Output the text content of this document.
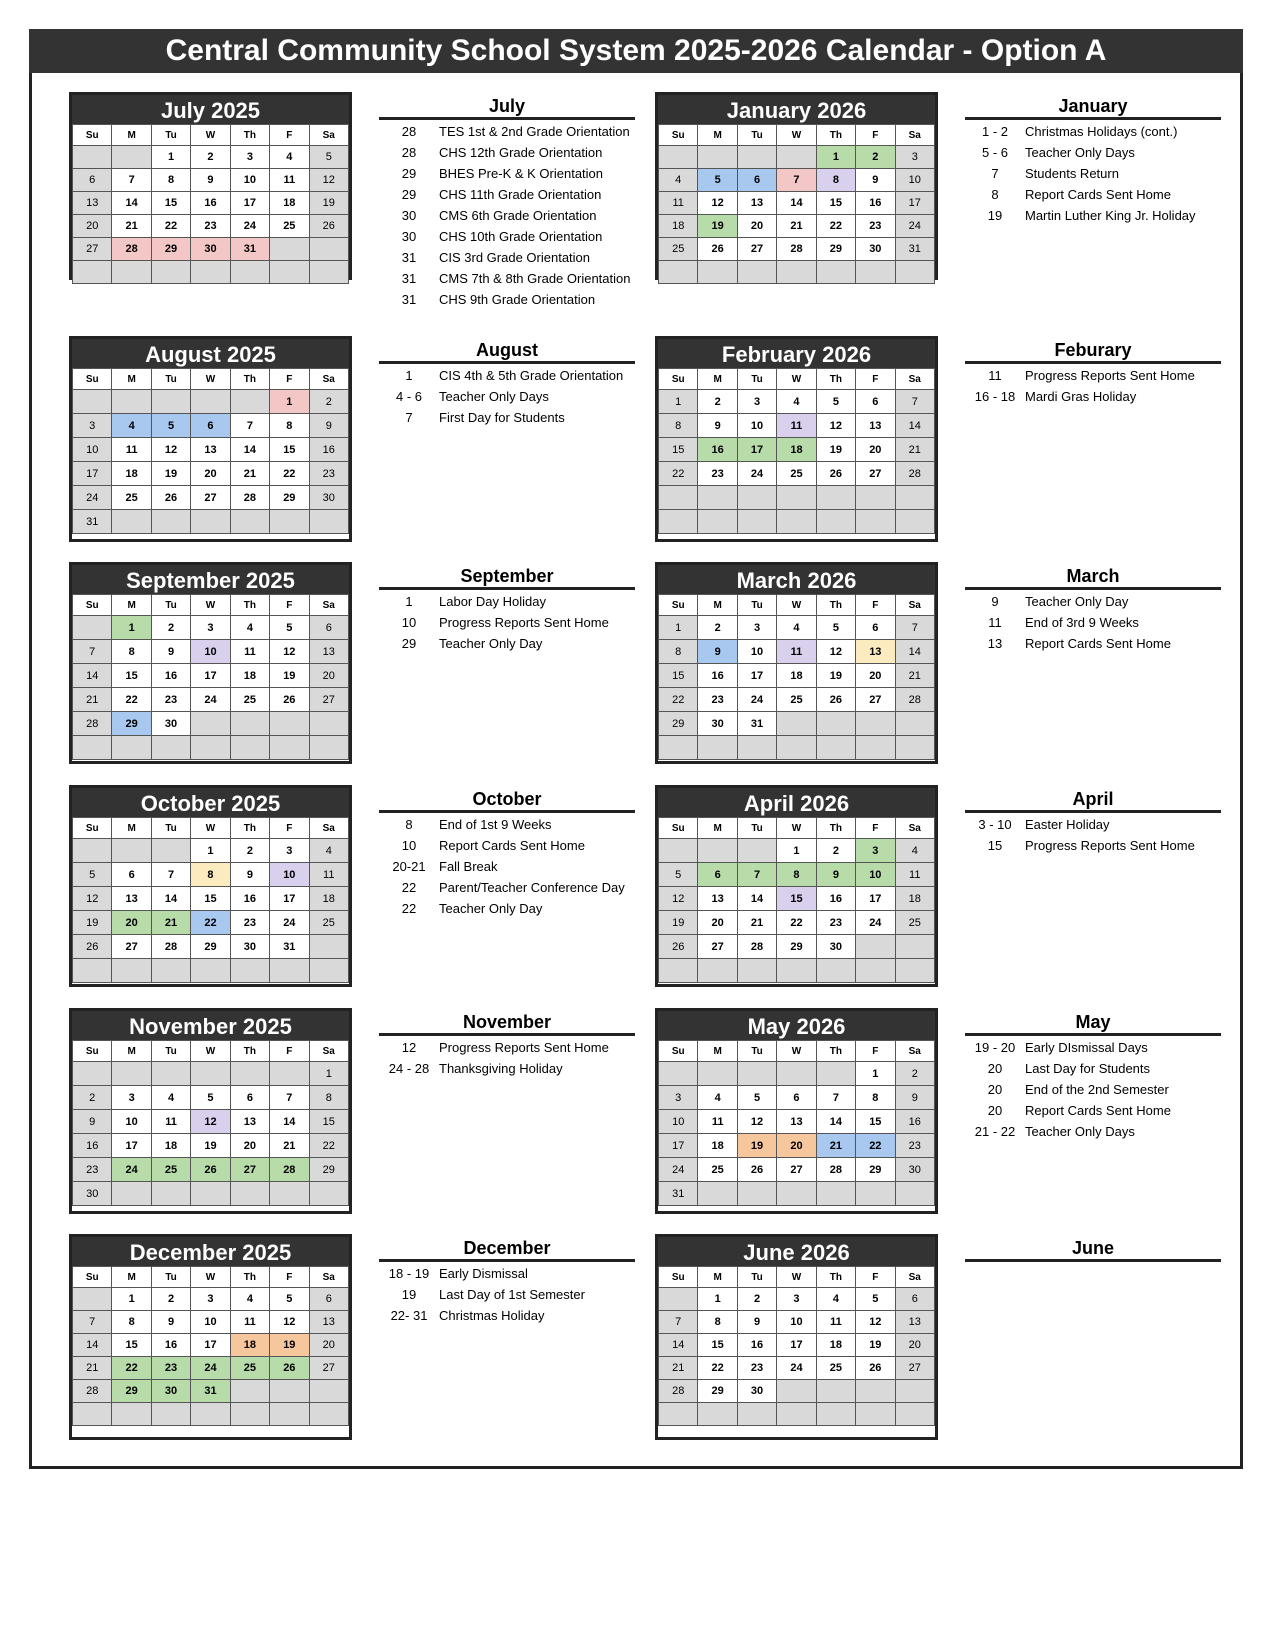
Central Community School System 2025-2026 Calendar - Option A
July 2025
Su	M	Tu	W	Th	F	Sa
		1	2	3	4	5
6	7	8	9	10	11	12
13	14	15	16	17	18	19
20	21	22	23	24	25	26
27	28	29	30	31		

July
28	TES 1st & 2nd Grade Orientation
28	CHS 12th Grade Orientation
29	BHES Pre-K & K Orientation
29	CHS 11th Grade Orientation
30	CMS 6th Grade Orientation
30	CHS 10th Grade Orientation
31	CIS 3rd Grade Orientation
31	CMS 7th & 8th Grade Orientation
31	CHS 9th Grade Orientation
August 2025
Su	M	Tu	W	Th	F	Sa
					1	2
3	4	5	6	7	8	9
10	11	12	13	14	15	16
17	18	19	20	21	22	23
24	25	26	27	28	29	30
31						
August
1	CIS 4th & 5th Grade Orientation
4 - 6	Teacher Only Days
7	First Day for Students
September 2025
Su	M	Tu	W	Th	F	Sa
	1	2	3	4	5	6
7	8	9	10	11	12	13
14	15	16	17	18	19	20
21	22	23	24	25	26	27
28	29	30				

September
1	Labor Day Holiday
10	Progress Reports Sent Home
29	Teacher Only Day
October 2025
Su	M	Tu	W	Th	F	Sa
			1	2	3	4
5	6	7	8	9	10	11
12	13	14	15	16	17	18
19	20	21	22	23	24	25
26	27	28	29	30	31	

October
8	End of 1st 9 Weeks
10	Report Cards Sent Home
20-21	Fall Break
22	Parent/Teacher Conference Day
22	Teacher Only Day
November 2025
Su	M	Tu	W	Th	F	Sa
						1
2	3	4	5	6	7	8
9	10	11	12	13	14	15
16	17	18	19	20	21	22
23	24	25	26	27	28	29
30						
November
12	Progress Reports Sent Home
24 - 28 Thanksgiving Holiday
December 2025
Su	M	Tu	W	Th	F	Sa
	1	2	3	4	5	6
7	8	9	10	11	12	13
14	15	16	17	18	19	20
21	22	23	24	25	26	27
28	29	30	31			

December
18 - 19 Early Dismissal
19	Last Day of 1st Semester
22- 31 Christmas Holiday
January 2026
Su	M	Tu	W	Th	F	Sa
				1	2	3
4	5	6	7	8	9	10
11	12	13	14	15	16	17
18	19	20	21	22	23	24
25	26	27	28	29	30	31

January
1 - 2	Christmas Holidays (cont.)
5 - 6	Teacher Only Days
7	Students Return
8	Report Cards Sent Home
19	Martin Luther King Jr. Holiday
February 2026
Su	M	Tu	W	Th	F	Sa
1	2	3	4	5	6	7
8	9	10	11	12	13	14
15	16	17	18	19	20	21
22	23	24	25	26	27	28

Feburary
11	Progress Reports Sent Home
16 - 18 Mardi Gras Holiday
March 2026
Su	M	Tu	W	Th	F	Sa
1	2	3	4	5	6	7
8	9	10	11	12	13	14
15	16	17	18	19	20	21
22	23	24	25	26	27	28
29	30	31				

March
9	Teacher Only Day
11	End of 3rd 9 Weeks
13	Report Cards Sent Home
April 2026
Su	M	Tu	W	Th	F	Sa
			1	2	3	4
5	6	7	8	9	10	11
12	13	14	15	16	17	18
19	20	21	22	23	24	25
26	27	28	29	30		

April
3 - 10	Easter Holiday
15	Progress Reports Sent Home
May 2026
Su	M	Tu	W	Th	F	Sa
					1	2
3	4	5	6	7	8	9
10	11	12	13	14	15	16
17	18	19	20	21	22	23
24	25	26	27	28	29	30
31						
May
19 - 20 Early DIsmissal Days
20	Last Day for Students
20	End of the 2nd Semester
20	Report Cards Sent Home
21 - 22 Teacher Only Days
June 2026
Su	M	Tu	W	Th	F	Sa
	1	2	3	4	5	6
7	8	9	10	11	12	13
14	15	16	17	18	19	20
21	22	23	24	25	26	27
28	29	30				

June
